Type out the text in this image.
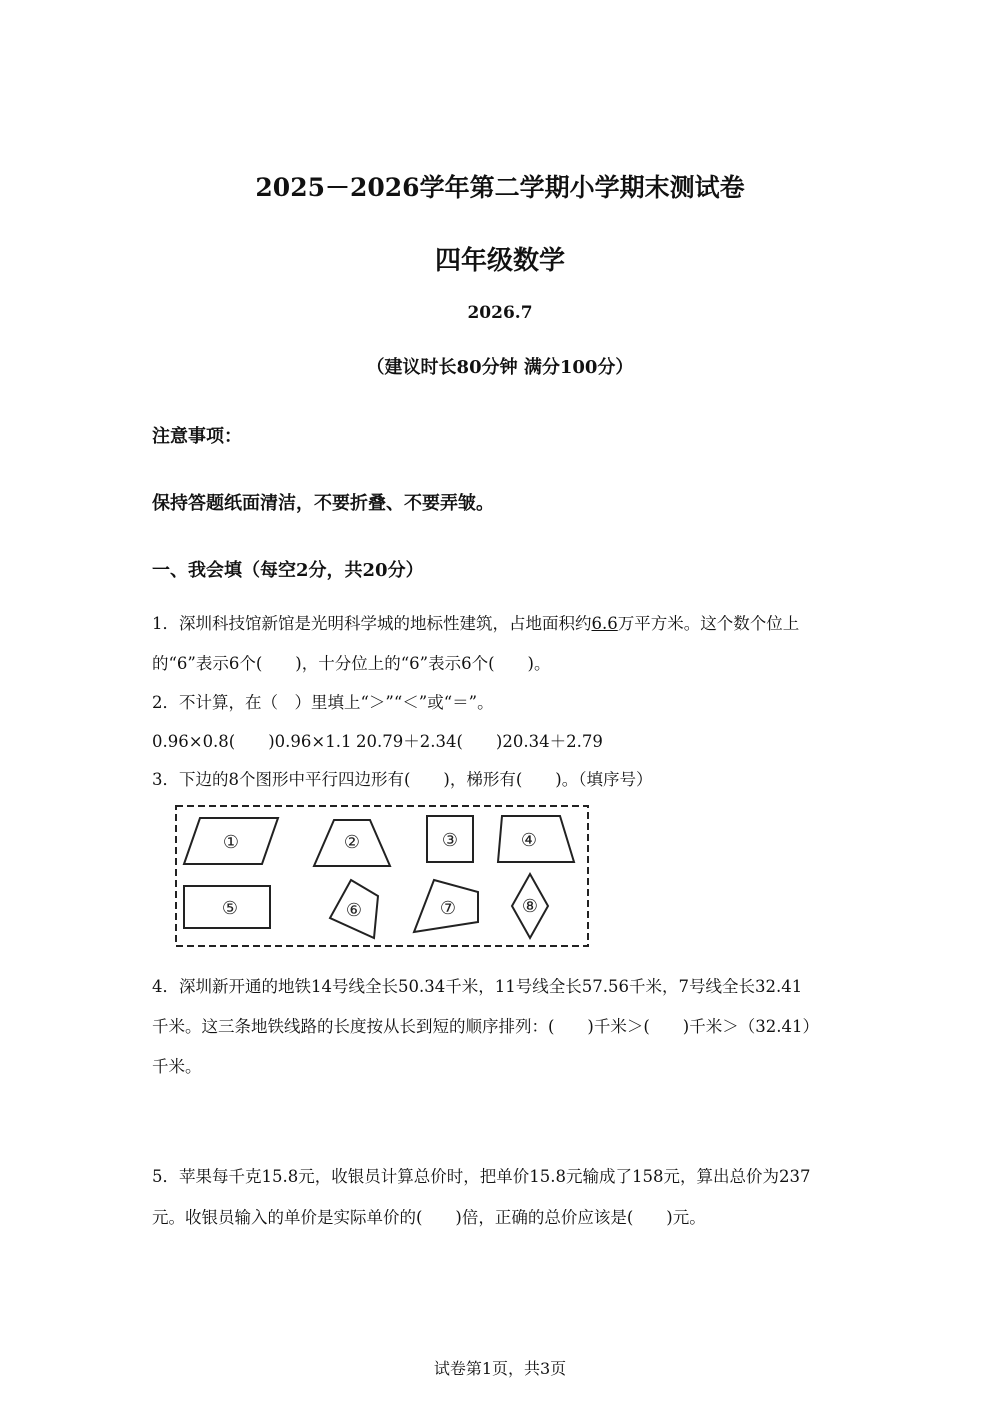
2025－2026学年第二学期小学期末测试卷
四年级数学
2026.7
（建议时长80分钟 满分100分）
注意事项：
保持答题纸面清洁，不要折叠、不要弄皱。
一、我会填（每空2分，共20分）
1．深圳科技馆新馆是光明科学城的地标性建筑，占地面积约6.6万平方米。这个数个位上
的“6”表示6个(　　)，十分位上的“6”表示6个(　　)。
2．不计算，在（　）里填上“＞”“＜”或“＝”。
0.96×0.8(　　)0.96×1.1 20.79＋2.34(　　)20.34＋2.79
3．下边的8个图形中平行四边形有(　　)，梯形有(　　)。（填序号）
①	②	③	④
⑤	⑥	⑦	⑧
4．深圳新开通的地铁14号线全长50.34千米，11号线全长57.56千米，7号线全长32.41
千米。这三条地铁线路的长度按从长到短的顺序排列：(　　)千米＞(　　)千米＞（32.41）
千米。
5．苹果每千克15.8元，收银员计算总价时，把单价15.8元输成了158元，算出总价为237
元。收银员输入的单价是实际单价的(　　)倍，正确的总价应该是(　　)元。
试卷第1页，共3页
